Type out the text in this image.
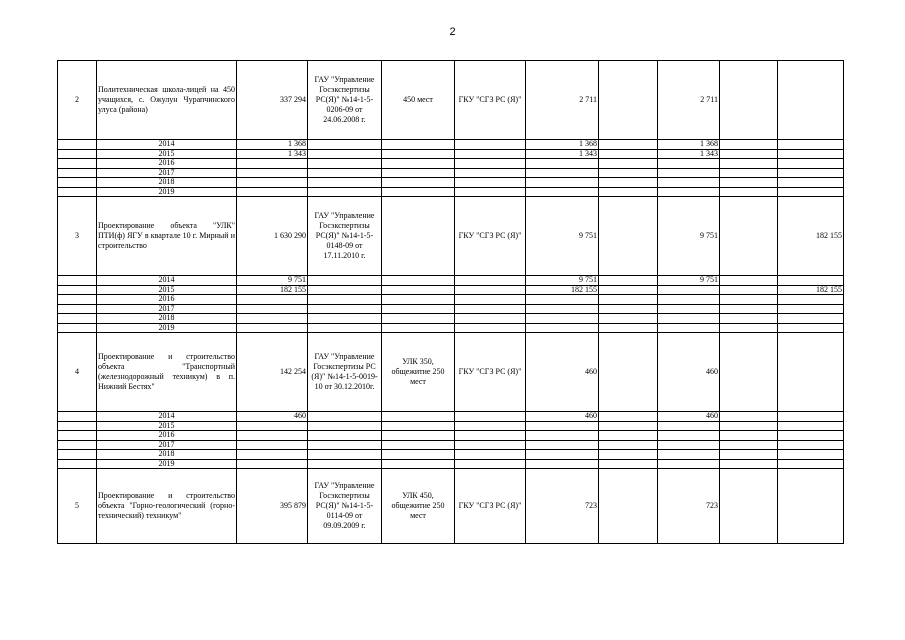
2
2	Политехническая школа-лицей на 450 учащихся, с. Ожулун Чурапчинского улуса (района)	337 294	ГАУ "Управление Госэкспертизы РС(Я)" №14-1-5-0206-09 от 24.06.2008 г.	450 мест	ГКУ "СГЗ РС (Я)"	2 711		2 711		
	2014	1 368				1 368		1 368		
	2015	1 343				1 343		1 343		
	2016									
	2017									
	2018									
	2019									
3	Проектирование объекта "УЛК" ПТИ(ф) ЯГУ в квартале 10 г. Мирный и строительство	1 630 290	ГАУ "Управление Госэкспертизы РС(Я)" №14-1-5-0148-09 от 17.11.2010 г.		ГКУ "СГЗ РС (Я)"	9 751		9 751		182 155
	2014	9 751				9 751		9 751		
	2015	182 155				182 155				182 155
	2016									
	2017									
	2018									
	2019									
4	Проектирование и строительство объекта "Транспортный (железнодорожный техникум) в п. Нижний Бестях"	142 254	ГАУ "Управление Госэкспертизы РС (Я)" №14-1-5-0019-10 от 30.12.2010г.	УЛК 350, общежитие 250 мест	ГКУ "СГЗ РС (Я)"	460		460		
	2014	460				460		460		
	2015									
	2016									
	2017									
	2018									
	2019									
5	Проектирование и строительство объекта "Горно-геологический (горно-технический) техникум"	395 879	ГАУ "Управление Госэкспертизы РС(Я)" №14-1-5-0114-09 от 09.09.2009 г.	УЛК 450, общежитие 250 мест	ГКУ "СГЗ РС (Я)"	723		723		
